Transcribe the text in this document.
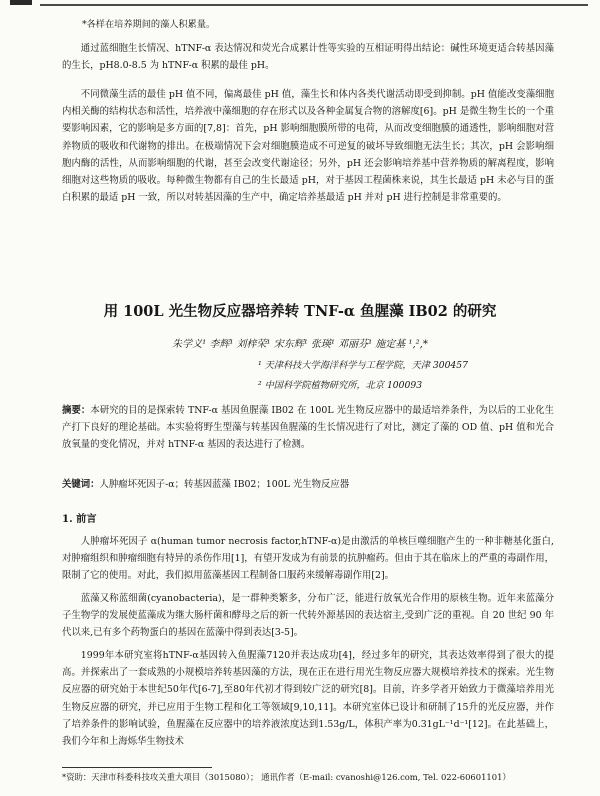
*各样在培养期间的藻人积累量。
通过蓝细胞生长情况、hTNF-α 表达情况和荧光合成累计性等实验的互相证明得出结论：碱性环境更适合转基因藻的生长，pH8.0-8.5 为 hTNF-α 积累的最佳 pH。
不同微藻生活的最佳 pH 值不同，偏离最佳 pH 值，藻生长和体内各类代谢活动即受到抑制。pH 值能改变藻细胞内相关酶的结构状态和活性，培养液中藻细胞的存在形式以及各种金属复合物的溶解度[6]。pH 是微生物生长的一个重要影响因素，它的影响是多方面的[7,8]：首先，pH 影响细胞膜所带的电荷，从而改变细胞膜的通透性，影响细胞对营养物质的吸收和代谢物的排出。在极端情况下会对细胞膜造成不可逆复的破坏导致细胞无法生长；其次，pH 会影响细胞内酶的活性，从而影响细胞的代谢，甚至会改变代谢途径；另外，pH 还会影响培养基中营养物质的解离程度，影响细胞对这些物质的吸收。每种微生物都有自己的生长最适 pH，对于基因工程菌株来说，其生长最适 pH 未必与目的蛋白积累的最适 pH 一致，所以对转基因藻的生产中，确定培养基最适 pH 并对 pH 进行控制是非常重要的。
用 100L 光生物反应器培养转 TNF-α 鱼腥藻 IB02 的研究
朱学义¹ 李辉¹ 刘梓荣¹ 宋东辉¹ 张瑛¹ 邓丽芬¹ 施定基 ¹,²,*
¹ 天津科技大学海洋科学与工程学院，天津 300457
² 中国科学院植物研究所，北京 100093
摘要：本研究的目的是探索转 TNF-α 基因鱼腥藻 IB02 在 100L 光生物反应器中的最适培养条件，为以后的工业化生产打下良好的理论基础。本实验将野生型藻与转基因鱼腥藻的生长情况进行了对比，测定了藻的 OD 值、pH 值和光合放氧量的变化情况，并对 hTNF-α 基因的表达进行了检测。
关键词：人肿瘤坏死因子-α；转基因蓝藻 IB02；100L 光生物反应器
1. 前言
人肿瘤坏死因子 α(human tumor necrosis factor,hTNF-α)是由激活的单核巨噬细胞产生的一种非糖基化蛋白,对肿瘤组织和肿瘤细胞有特异的杀伤作用[1]，有望开发成为有前景的抗肿瘤药。但由于其在临床上的严重的毒副作用，限制了它的使用。对此，我们拟用蓝藻基因工程制备口服药来缓解毒副作用[2]。
蓝藻又称蓝细菌(cyanobacteria)，是一群种类繁多，分布广泛，能进行放氧光合作用的原核生物。近年来蓝藻分子生物学的发展使蓝藻成为继大肠杆菌和酵母之后的新一代转外源基因的表达宿主,受到广泛的重视。自 20 世纪 90 年代以来,已有多个药物蛋白的基因在蓝藻中得到表达[3-5]。
1999年本研究室将hTNF-α基因转入鱼腥藻7120并表达成功[4]，经过多年的研究，其表达效率得到了很大的提高。并探索出了一套成熟的小规模培养转基因藻的方法，现在正在进行用光生物反应器大规模培养技术的探索。光生物反应器的研究始于本世纪50年代[6-7],至80年代初才得到较广泛的研究[8]。目前，许多学者开始致力于微藻培养用光生物反应器的研究，并已应用于生物工程和化工等领域[9,10,11]。本研究室体已设计和研制了15升的光反应器，并作了培养条件的影响试验，鱼腥藻在反应器中的培养液浓度达到1.53g/L，体积产率为0.31gL⁻¹d⁻¹[12]。在此基础上，我们今年和上海烁华生物技术
*资助：天津市科委科技攻关重大项目（3015080）； 通讯作者（E-mail: cvanoshi@126.com, Tel. 022-60601101）
